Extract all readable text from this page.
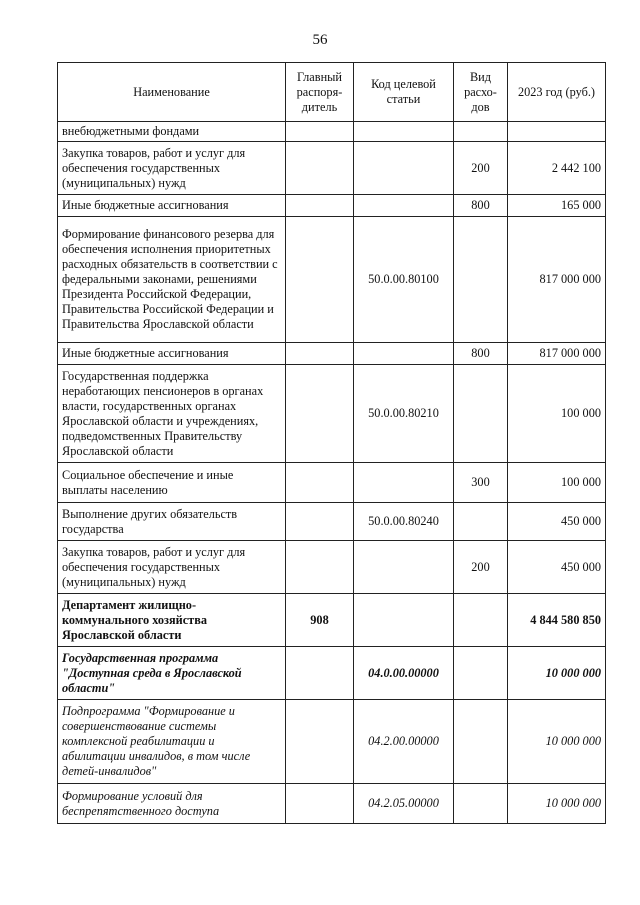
56
Наименование	Главный распоря-дитель	Код целевой статьи	Вид расхо-дов	2023 год (руб.)
внебюджетными фондами				
Закупка товаров, работ и услуг для обеспечения государственных (муниципальных) нужд			200	2 442 100
Иные бюджетные ассигнования			800	165 000
Формирование финансового резерва для обеспечения исполнения приоритетных расходных обязательств в соответствии с федеральными законами, решениями Президента Российской Федерации, Правительства Российской Федерации и Правительства Ярославской области		50.0.00.80100		817 000 000
Иные бюджетные ассигнования			800	817 000 000
Государственная поддержка неработающих пенсионеров в органах власти, государственных органах Ярославской области и учреждениях, подведомственных Правительству Ярославской области		50.0.00.80210		100 000
Социальное обеспечение и иные выплаты населению			300	100 000
Выполнение других обязательств государства		50.0.00.80240		450 000
Закупка товаров, работ и услуг для обеспечения государственных (муниципальных) нужд			200	450 000
Департамент жилищно-коммунального хозяйства Ярославской области	908			4 844 580 850
Государственная программа "Доступная среда в Ярославской области"		04.0.00.00000		10 000 000
Подпрограмма "Формирование и совершенствование системы комплексной реабилитации и абилитации инвалидов, в том числе детей-инвалидов"		04.2.00.00000		10 000 000
Формирование условий для беспрепятственного доступа		04.2.05.00000		10 000 000
